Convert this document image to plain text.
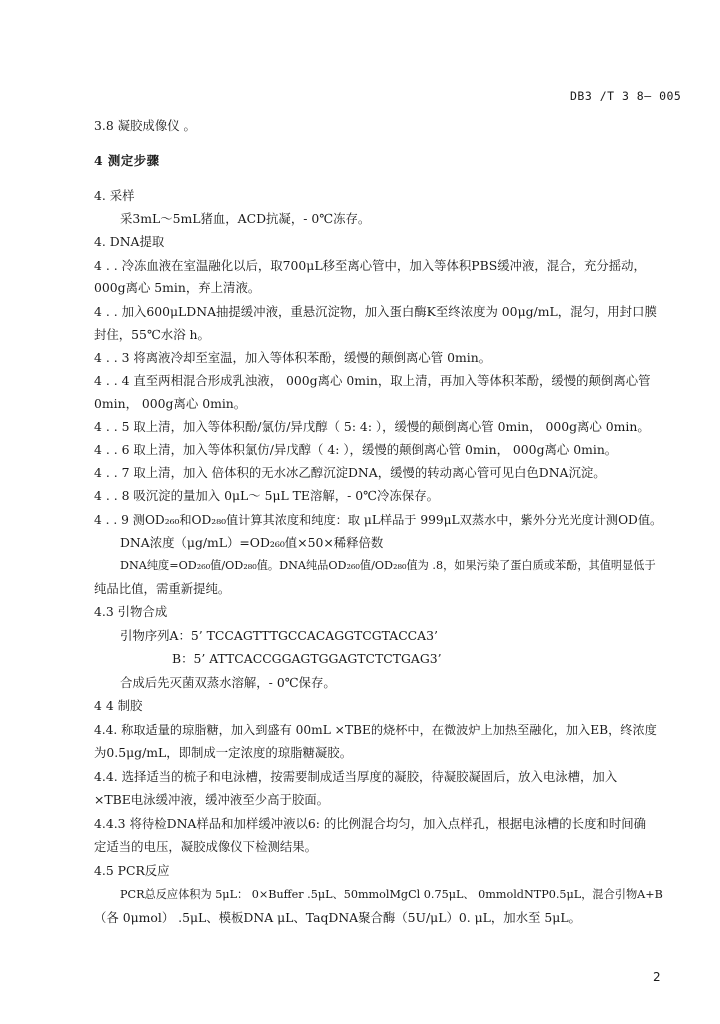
DB3 /T 3 8— 005
3.8 凝胶成像仪 。
4 测定步骤
4. 采样
采3mL～5mL猪血，ACD抗凝，- 0℃冻存。
4. DNA提取
4 . . 冷冻血液在室温融化以后，取700μL移至离心管中，加入等体积PBS缓冲液，混合，充分摇动，
000g离心 5min，弃上清液。
4 . . 加入600μLDNA抽提缓冲液，重悬沉淀物，加入蛋白酶K至终浓度为 00μg/mL，混匀，用封口膜
封住，55℃水浴 h。
4 . . 3 将离液冷却至室温，加入等体积苯酚，缓慢的颠倒离心管 0min。
4 . . 4 直至两相混合形成乳浊液， 000g离心 0min，取上清，再加入等体积苯酚，缓慢的颠倒离心管
0min， 000g离心 0min。
4 . . 5 取上清，加入等体积酚/氯仿/异戊醇（ 5: 4: ），缓慢的颠倒离心管 0min， 000g离心 0min。
4 . . 6 取上清，加入等体积氯仿/异戊醇（ 4: ），缓慢的颠倒离心管 0min， 000g离心 0min。
4 . . 7 取上清，加入 倍体积的无水冰乙醇沉淀DNA，缓慢的转动离心管可见白色DNA沉淀。
4 . . 8 吸沉淀的量加入 0μL～ 5μL TE溶解，- 0℃冷冻保存。
4 . . 9 测OD₂₆₀和OD₂₈₀值计算其浓度和纯度：取 μL样品于 999μL双蒸水中，紫外分光光度计测OD值。
DNA浓度（μg/mL）=OD₂₆₀值×50×稀释倍数
DNA纯度=OD₂₆₀值/OD₂₈₀值。DNA纯品OD₂₆₀值/OD₂₈₀值为 .8，如果污染了蛋白质或苯酚，其值明显低于
纯品比值，需重新提纯。
4.3 引物合成
引物序列A：5’ TCCAGTTTGCCACAGGTCGTACCA3’
B：5’ ATTCACCGGAGTGGAGTCTCTGAG3’
合成后先灭菌双蒸水溶解，- 0℃保存。
4 4 制胶
4.4. 称取适量的琼脂糖，加入到盛有 00mL ×TBE的烧杯中，在微波炉上加热至融化，加入EB，终浓度
为0.5μg/mL，即制成一定浓度的琼脂糖凝胶。
4.4. 选择适当的梳子和电泳槽，按需要制成适当厚度的凝胶，待凝胶凝固后，放入电泳槽，加入
×TBE电泳缓冲液，缓冲液至少高于胶面。
4.4.3 将待检DNA样品和加样缓冲液以6: 的比例混合均匀，加入点样孔，根据电泳槽的长度和时间确
定适当的电压，凝胶成像仪下检测结果。
4.5 PCR反应
PCR总反应体积为 5μL： 0×Buffer .5μL、50mmolMgCl 0.75μL、 0mmoldNTP0.5μL，混合引物A+B
（各 0μmol） .5μL、模板DNA μL、TaqDNA聚合酶（5U/μL）0. μL，加水至 5μL。
2
